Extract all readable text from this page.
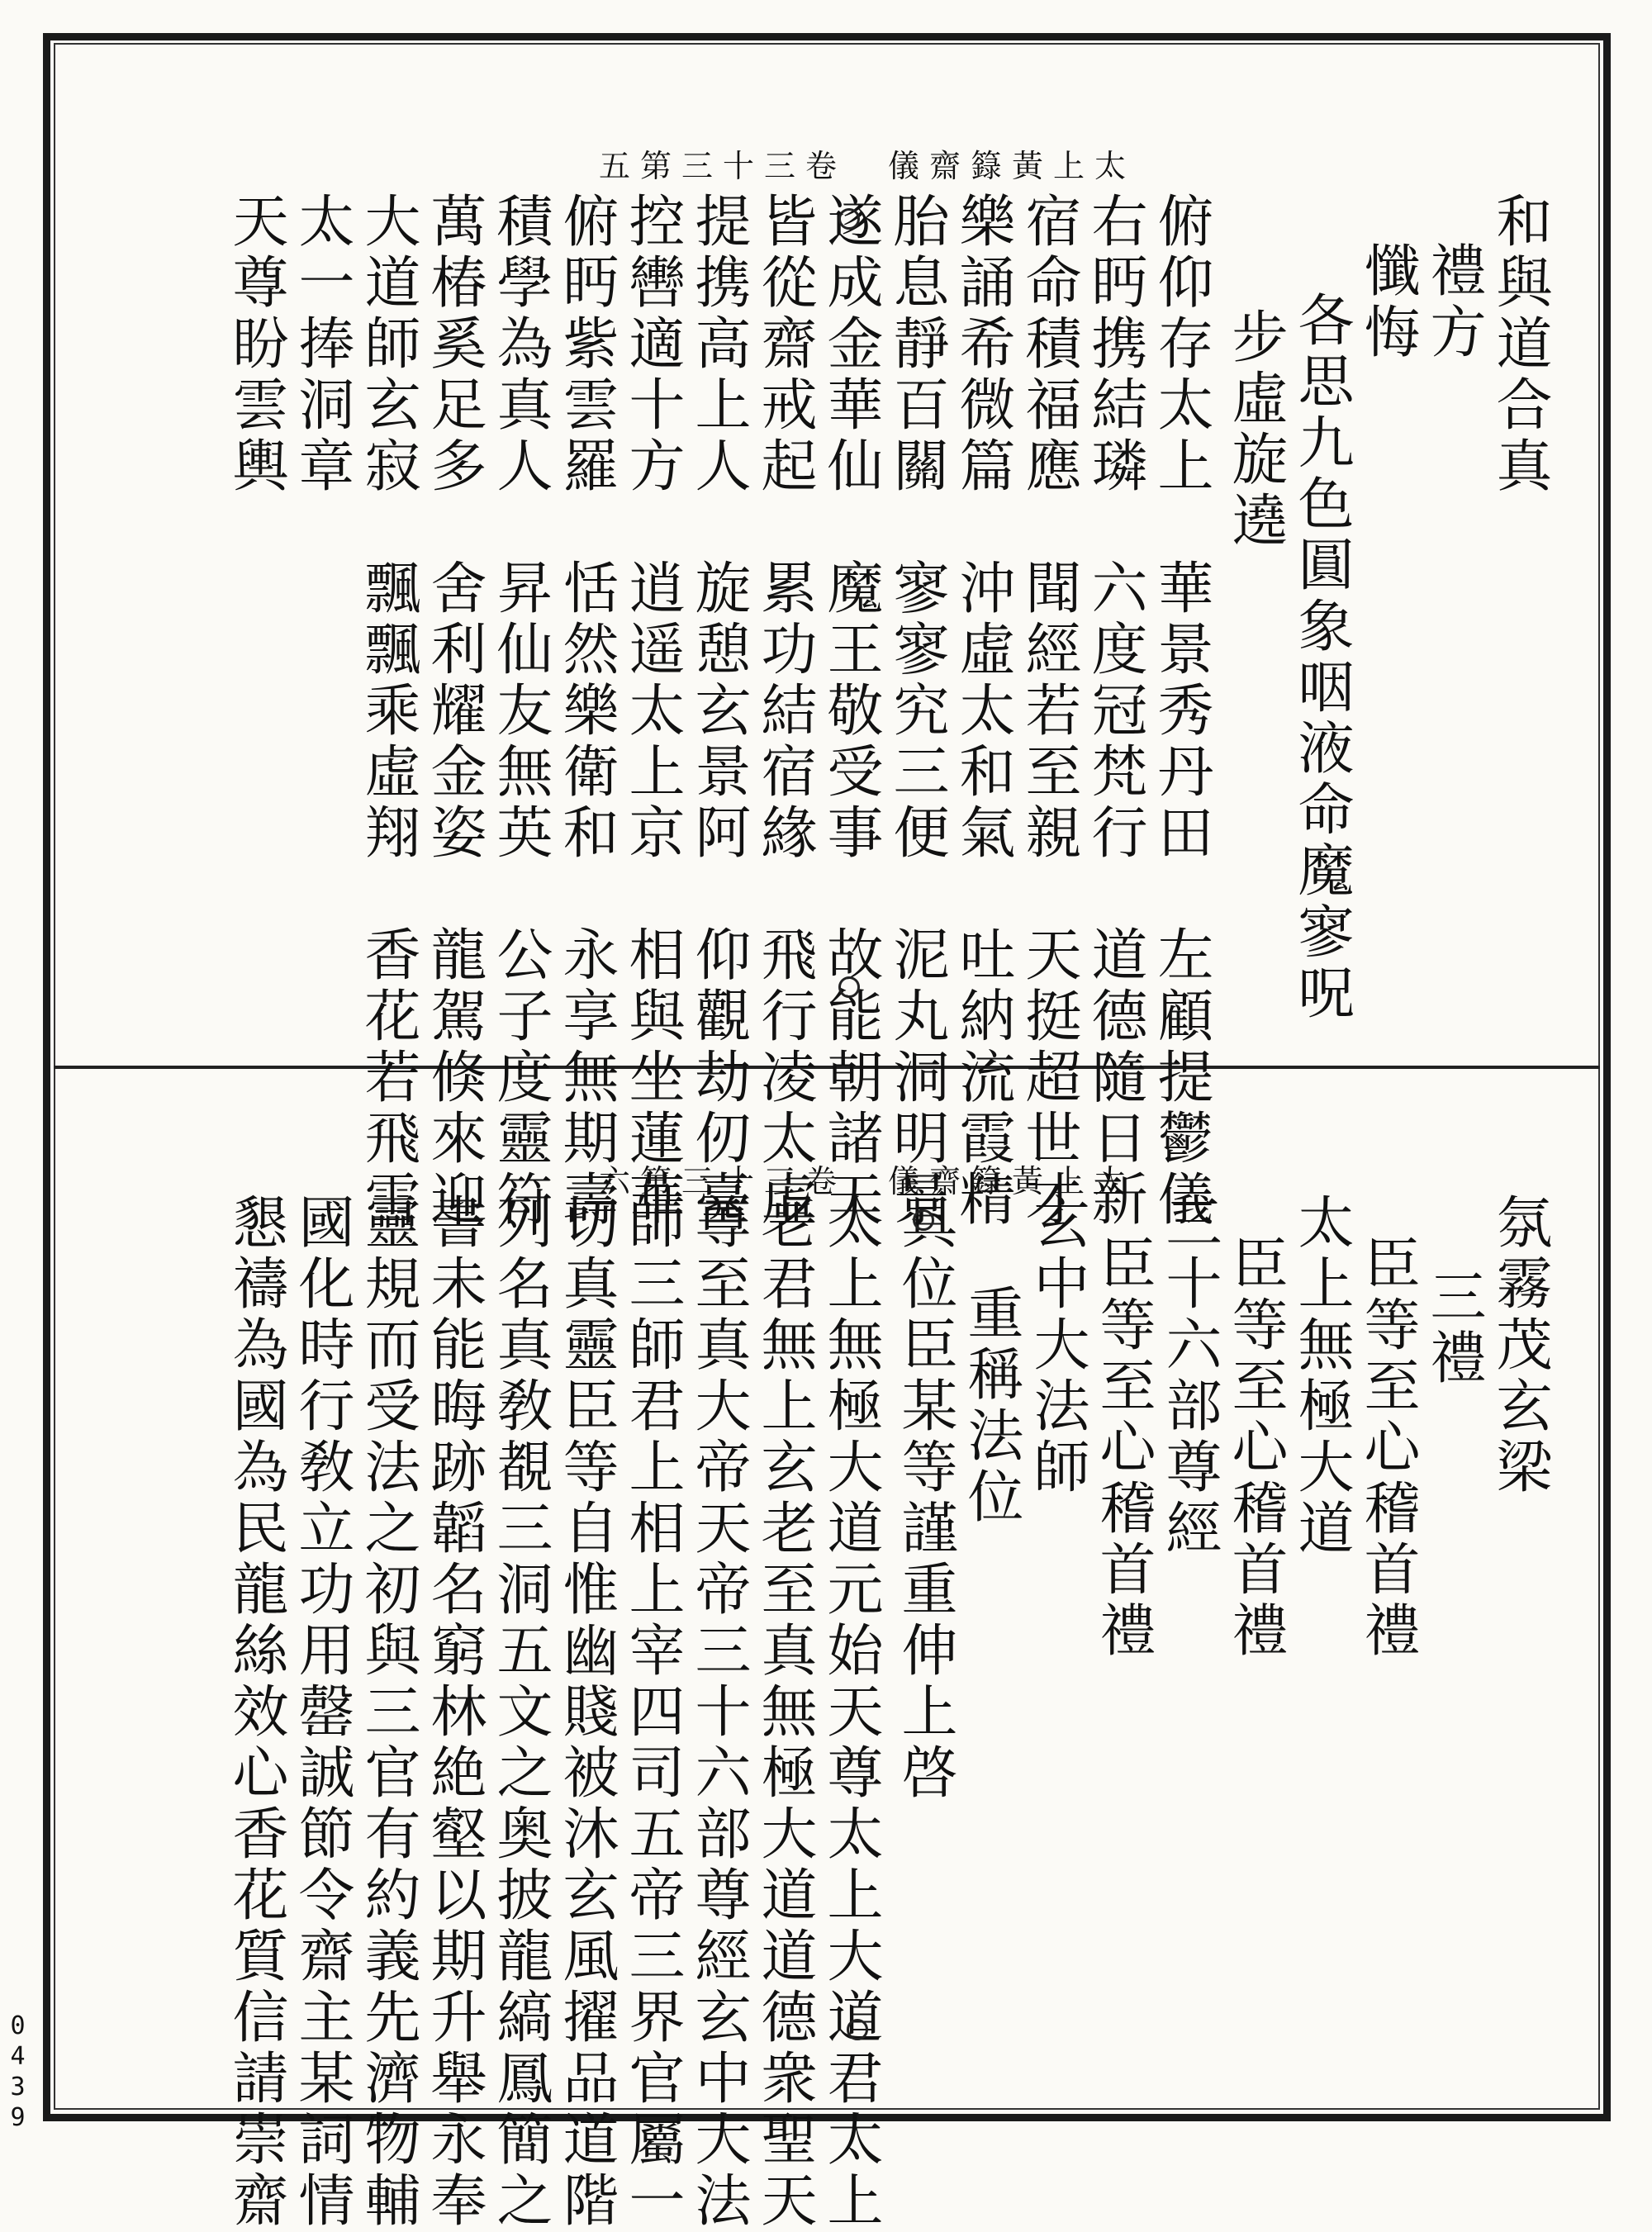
太上黃籙齋儀　卷三十三第五
和與道合真
禮方
懺悔
各思九色圓象咽液命魔寥呪
步虛旋遶
俯仰存太上　華景秀丹田　左顧提鬱儀
右眄携結璘　六度冠梵行　道德隨日新
宿命積福應　聞經若至親　天挺超世才
樂誦希微篇　沖虛太和氣　吐納流霞精
胎息靜百關　寥寥究三便　泥丸洞明景
遂成金華仙　魔王敬受事　故能朝諸天
皆從齋戒起　累功結宿緣　飛行凌太虛
提携高上人　旋憩玄景阿　仰觀劫仞臺
控轡適十方　逍遥太上京　相與坐蓮華
俯眄紫雲羅　恬然樂衛和　永享無期壽
積學為真人　昇仙友無英　公子度靈符
萬椿奚足多　舍利耀金姿　龍駕倏來迎
大道師玄寂　飄飄乘虛翔　香花若飛雪
太一捧洞章
天尊盼雲輿
太上黃籙齋儀　卷三十三第六
氛霧茂玄梁
三禮
臣等至心稽首禮
太上無極大道
臣等至心稽首禮
三十六部尊經
臣等至心稽首禮
玄中大法師
重稱法位
具位臣某等謹重伸上啓
太上無極大道元始天尊太上大道君太上
老君無上玄老至真無極大道道德衆聖天
尊至真大帝天帝三十六部尊經玄中大法
師三師君上相上宰四司五帝三界官屬一
切真靈臣等自惟幽賤被沐玄風擢品道階
列名真敎覩三洞五文之奥披龍縞鳳簡之
書未能晦跡韜名窮林絶壑以期升舉永奉
靈規而受法之初與三官有約義先濟物輔
國化時行敎立功用罄誠節令齋主某詞情
懇禱為國為民龍絲效心香花質信請崇齋
0439
